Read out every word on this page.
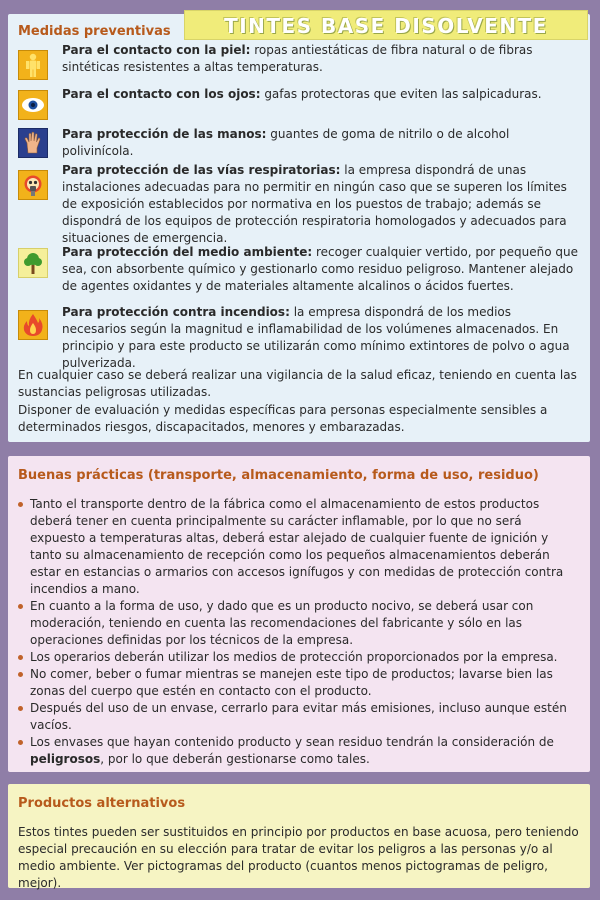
Medidas preventivas
Para el contacto con la piel: ropas antiestáticas de fibra natural o de fibras sintéticas resistentes a altas temperaturas.
Para el contacto con los ojos: gafas protectoras que eviten las salpicaduras.
Para protección de las manos: guantes de goma de nitrilo o de alcohol polivinícola.
Para protección de las vías respiratorias: la empresa dispondrá de unas instalaciones adecuadas para no permitir en ningún caso que se superen los límites de exposición establecidos por normativa en los puestos de trabajo; además se dispondrá de los equipos de protección respiratoria homologados y adecuados para situaciones de emergencia.
Para protección del medio ambiente: recoger cualquier vertido, por pequeño que sea, con absorbente químico y gestionarlo como residuo peligroso. Mantener alejado de agentes oxidantes y de materiales altamente alcalinos o ácidos fuertes.
Para protección contra incendios: la empresa dispondrá de los medios necesarios según la magnitud e inflamabilidad de los volúmenes almacenados. En principio y para este producto se utilizarán como mínimo extintores de polvo o agua pulverizada.
En cualquier caso se deberá realizar una vigilancia de la salud eficaz, teniendo en cuenta las sustancias peligrosas utilizadas.
Disponer de evaluación y medidas específicas para personas especialmente sensibles a determinados riesgos, discapacitados, menores y embarazadas.
TINTES BASE DISOLVENTE
Buenas prácticas (transporte, almacenamiento, forma de uso, residuo)
Tanto el transporte dentro de la fábrica como el almacenamiento de estos productos deberá tener en cuenta principalmente su carácter inflamable, por lo que no será expuesto a temperaturas altas, deberá estar alejado de cualquier fuente de ignición y tanto su almacenamiento de recepción como los pequeños almacenamientos deberán estar en estancias o armarios con accesos ignífugos y con medidas de protección contra incendios a mano.
En cuanto a la forma de uso, y dado que es un producto nocivo, se deberá usar con moderación, teniendo en cuenta las recomendaciones del fabricante y sólo en las operaciones definidas por los técnicos de la empresa.
Los operarios deberán utilizar los medios de protección proporcionados por la empresa.
No comer, beber o fumar mientras se manejen este tipo de productos; lavarse bien las zonas del cuerpo que estén en contacto con el producto.
Después del uso de un envase, cerrarlo para evitar más emisiones, incluso aunque estén vacíos.
Los envases que hayan contenido producto y sean residuo tendrán la consideración de peligrosos, por lo que deberán gestionarse como tales.
Productos alternativos
Estos tintes pueden ser sustituidos en principio por productos en base acuosa, pero teniendo especial precaución en su elección para tratar de evitar los peligros a las personas y/o al medio ambiente. Ver pictogramas del producto (cuantos menos pictogramas de peligro, mejor).
